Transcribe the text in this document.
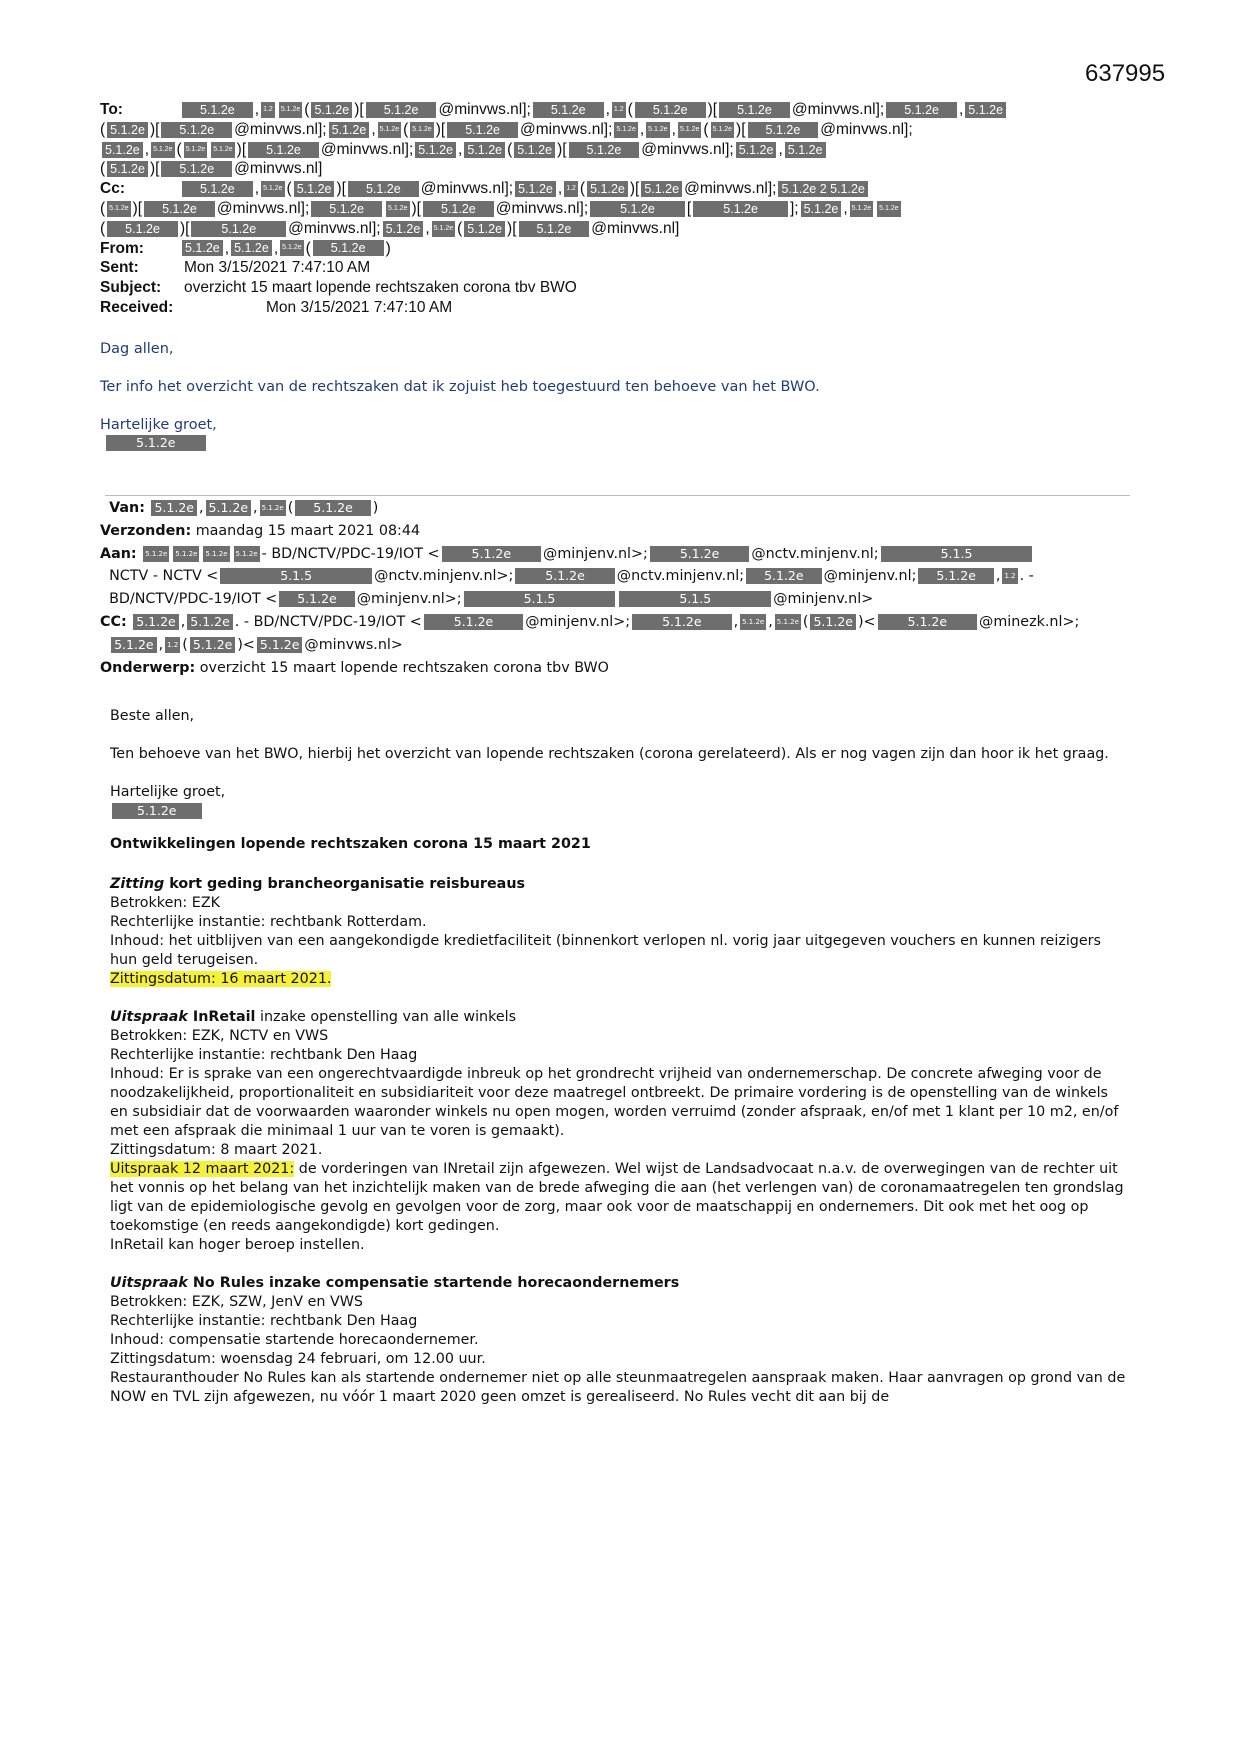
637995
To:	5.1.2e , 1.2 5.1.2e ( 5.1.2e )[ 5.1.2e @minvws.nl]; 5.1.2e , 1.2 ( 5.1.2e )[ 5.1.2e @minvws.nl]; 5.1.2e , 5.1.2e
( 5.1.2e )[ 5.1.2e @minvws.nl]; 5.1.2e , 5.1.2e ( 5.1.2e )[ 5.1.2e @minvws.nl]; 5.1.2e , 5.1.2e , 5.1.2e ( 5.1.2e )[ 5.1.2e @minvws.nl];
5.1.2e , 5.1.2e ( 5.1.2e 5.1.2e )[ 5.1.2e @minvws.nl]; 5.1.2e , 5.1.2e ( 5.1.2e )[ 5.1.2e @minvws.nl]; 5.1.2e , 5.1.2e
( 5.1.2e )[ 5.1.2e @minvws.nl]
Cc:	5.1.2e , 5.1.2e ( 5.1.2e )[ 5.1.2e @minvws.nl]; 5.1.2e , 1.2 ( 5.1.2e )[ 5.1.2e @minvws.nl]; 5.1.2e 2 5.1.2e
( 5.1.2e )[ 5.1.2e @minvws.nl]; 5.1.2e	5.1.2e )[ 5.1.2e @minvws.nl];	5.1.2e [	5.1.2e ]; 5.1.2e , 5.1.2e 5.1.2e
( 5.1.2e )[	5.1.2e @minvws.nl]; 5.1.2e , 5.1.2e ( 5.1.2e )[ 5.1.2e @minvws.nl]
From:	5.1.2e , 5.1.2e , 5.1.2e ( 5.1.2e )
Sent:	Mon 3/15/2021 7:47:10 AM
Subject: overzicht 15 maart lopende rechtszaken corona tbv BWO
Received:	Mon 3/15/2021 7:47:10 AM
Dag allen,
Ter info het overzicht van de rechtszaken dat ik zojuist heb toegestuurd ten behoeve van het BWO.
Hartelijke groet,
5.1.2e
Van: 5.1.2e , 5.1.2e , 5.1.2e ( 5.1.2e )
Verzonden: maandag 15 maart 2021 08:44
Aan: 5.1.2e 5.1.2e 5.1.2e 5.1.2e - BD/NCTV/PDC-19/IOT <	5.1.2e @minjenv.nl>;	5.1.2e @nctv.minjenv.nl;	5.1.5
NCTV - NCTV <	5.1.5	@nctv.minjenv.nl>;	5.1.2e @nctv.minjenv.nl; 5.1.2e @minjenv.nl; 5.1.2e , 1.2 . -
BD/NCTV/PDC-19/IOT < 5.1.2e @minjenv.nl>;	5.1.5	5.1.5	@minjenv.nl>
CC: 5.1.2e , 5.1.2e . - BD/NCTV/PDC-19/IOT <	5.1.2e @minjenv.nl>;	5.1.2e , 5.1.2e , 5.1.2e ( 5.1.2e )<	5.1.2e @minezk.nl>;
5.1.2e , 1.2 ( 5.1.2e )< 5.1.2e @minvws.nl>
Onderwerp: overzicht 15 maart lopende rechtszaken corona tbv BWO

Beste allen,

Ten behoeve van het BWO, hierbij het overzicht van lopende rechtszaken (corona gerelateerd). Als er nog vagen zijn dan hoor ik het graag.

Hartelijke groet,

5.1.2e

Ontwikkelingen lopende rechtszaken corona 15 maart 2021

Zitting kort geding brancheorganisatie reisbureaus

Betrokken: EZK

Rechterlijke instantie: rechtbank Rotterdam.

Inhoud: het uitblijven van een aangekondigde kredietfaciliteit (binnenkort verlopen nl. vorig jaar uitgegeven vouchers en kunnen reizigers hun geld terugeisen.

Zittingsdatum: 16 maart 2021.

Uitspraak InRetail inzake openstelling van alle winkels

Betrokken: EZK, NCTV en VWS

Rechterlijke instantie: rechtbank Den Haag

Inhoud: Er is sprake van een ongerechtvaardigde inbreuk op het grondrecht vrijheid van ondernemerschap. De concrete afweging voor de noodzakelijkheid, proportionaliteit en subsidiariteit voor deze maatregel ontbreekt. De primaire vordering is de openstelling van de winkels en subsidiair dat de voorwaarden waaronder winkels nu open mogen, worden verruimd (zonder afspraak, en/of met 1 klant per 10 m2, en/of met een afspraak die minimaal 1 uur van te voren is gemaakt).

Zittingsdatum: 8 maart 2021.

Uitspraak 12 maart 2021: de vorderingen van INretail zijn afgewezen. Wel wijst de Landsadvocaat n.a.v. de overwegingen van de rechter uit het vonnis op het belang van het inzichtelijk maken van de brede afweging die aan (het verlengen van) de coronamaatregelen ten grondslag ligt van de epidemiologische gevolg en gevolgen voor de zorg, maar ook voor de maatschappij en ondernemers. Dit ook met het oog op toekomstige (en reeds aangekondigde) kort gedingen.

InRetail kan hoger beroep instellen.

Uitspraak No Rules inzake compensatie startende horecaondernemers

Betrokken: EZK, SZW, JenV en VWS

Rechterlijke instantie: rechtbank Den Haag

Inhoud: compensatie startende horecaondernemer.

Zittingsdatum: woensdag 24 februari, om 12.00 uur.

Restauranthouder No Rules kan als startende ondernemer niet op alle steunmaatregelen aanspraak maken. Haar aanvragen op grond van de NOW en TVL zijn afgewezen, nu vóór 1 maart 2020 geen omzet is gerealiseerd. No Rules vecht dit aan bij de
